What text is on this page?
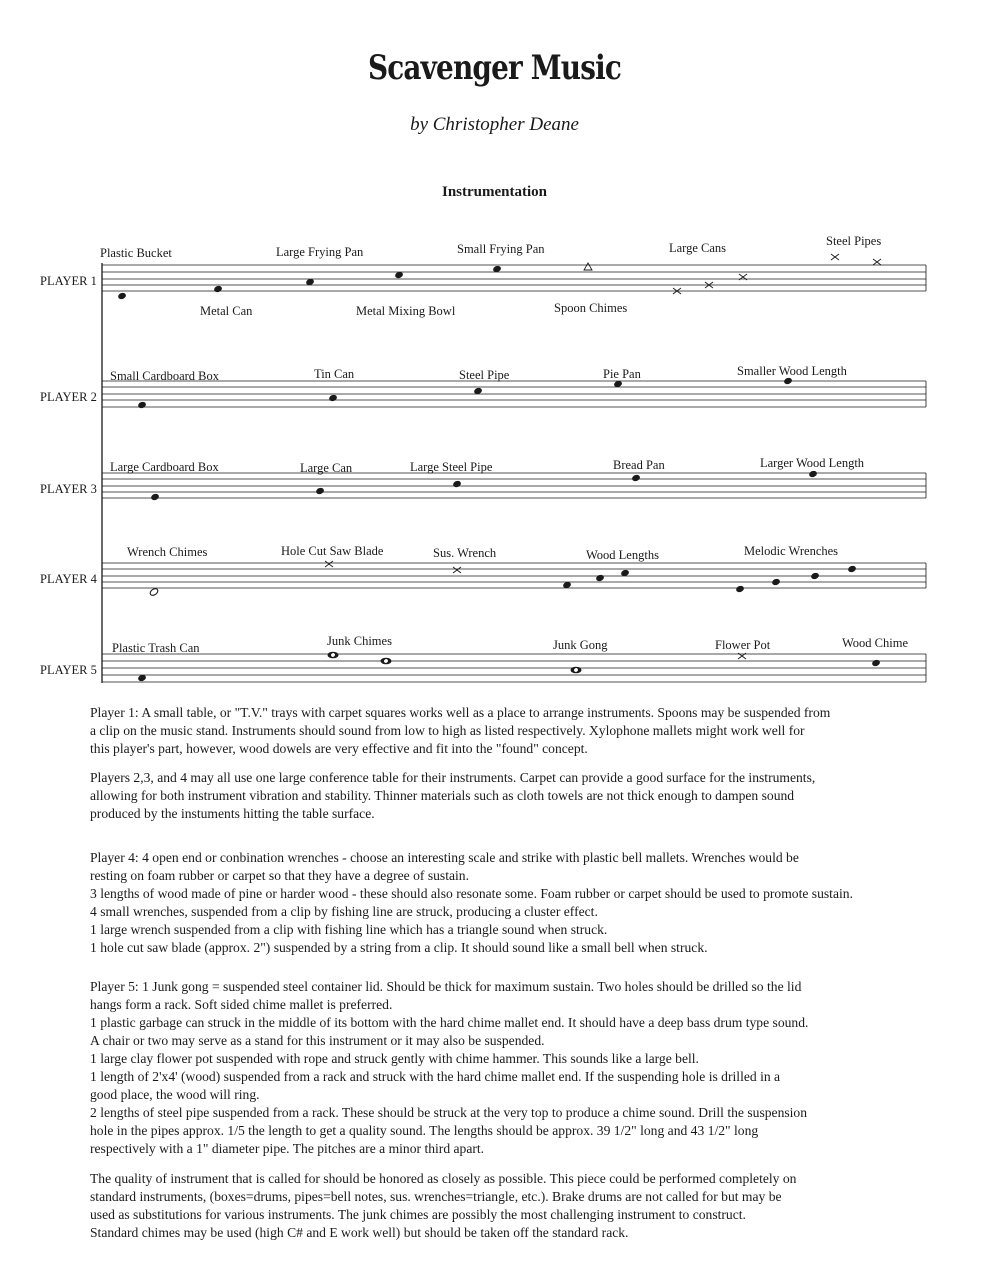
Scavenger Music
by Christopher Deane
Instrumentation
PLAYER 1
Plastic Bucket
Metal Can
Large Frying Pan
Metal Mixing Bowl
Small Frying Pan
Spoon Chimes
Large Cans	Steel Pipes
PLAYER 2
Small Cardboard Box	Tin Can	Steel Pipe	Pie Pan	Smaller Wood Length
PLAYER 3
Large Cardboard Box	Large Can	Large Steel Pipe	Bread Pan	Larger Wood Length
PLAYER 4
Wrench Chimes	Hole Cut Saw Blade	Sus. Wrench	Wood Lengths	Melodic Wrenches
PLAYER 5
Plastic Trash Can	Junk Chimes	Junk Gong	Flower Pot	Wood Chime

Player 1: A small table, or "T.V." trays with carpet squares works well as a place to arrange instruments. Spoons may be suspended from

a clip on the music stand. Instruments should sound from low to high as listed respectively. Xylophone mallets might work well for

this player's part, however, wood dowels are very effective and fit into the "found" concept.

Players 2,3, and 4 may all use one large conference table for their instruments. Carpet can provide a good surface for the instruments,

allowing for both instrument vibration and stability. Thinner materials such as cloth towels are not thick enough to dampen sound

produced by the instuments hitting the table surface.

Player 4: 4 open end or conbination wrenches - choose an interesting scale and strike with plastic bell mallets. Wrenches would be

resting on foam rubber or carpet so that they have a degree of sustain.

3 lengths of wood made of pine or harder wood - these should also resonate some. Foam rubber or carpet should be used to promote sustain.

4 small wrenches, suspended from a clip by fishing line are struck, producing a cluster effect.

1 large wrench suspended from a clip with fishing line which has a triangle sound when struck.

1 hole cut saw blade (approx. 2") suspended by a string from a clip. It should sound like a small bell when struck.

Player 5: 1 Junk gong = suspended steel container lid. Should be thick for maximum sustain. Two holes should be drilled so the lid

hangs form a rack. Soft sided chime mallet is preferred.

1 plastic garbage can struck in the middle of its bottom with the hard chime mallet end. It should have a deep bass drum type sound.

A chair or two may serve as a stand for this instrument or it may also be suspended.

1 large clay flower pot suspended with rope and struck gently with chime hammer. This sounds like a large bell.

1 length of 2'x4' (wood) suspended from a rack and struck with the hard chime mallet end. If the suspending hole is drilled in a

good place, the wood will ring.

2 lengths of steel pipe suspended from a rack. These should be struck at the very top to produce a chime sound. Drill the suspension

hole in the pipes approx. 1/5 the length to get a quality sound. The lengths should be approx. 39 1/2" long and 43 1/2" long

respectively with a 1" diameter pipe. The pitches are a minor third apart.

The quality of instrument that is called for should be honored as closely as possible. This piece could be performed completely on

standard instruments, (boxes=drums, pipes=bell notes, sus. wrenches=triangle, etc.). Brake drums are not called for but may be

used as substitutions for various instruments. The junk chimes are possibly the most challenging instrument to construct.

Standard chimes may be used (high C# and E work well) but should be taken off the standard rack.
